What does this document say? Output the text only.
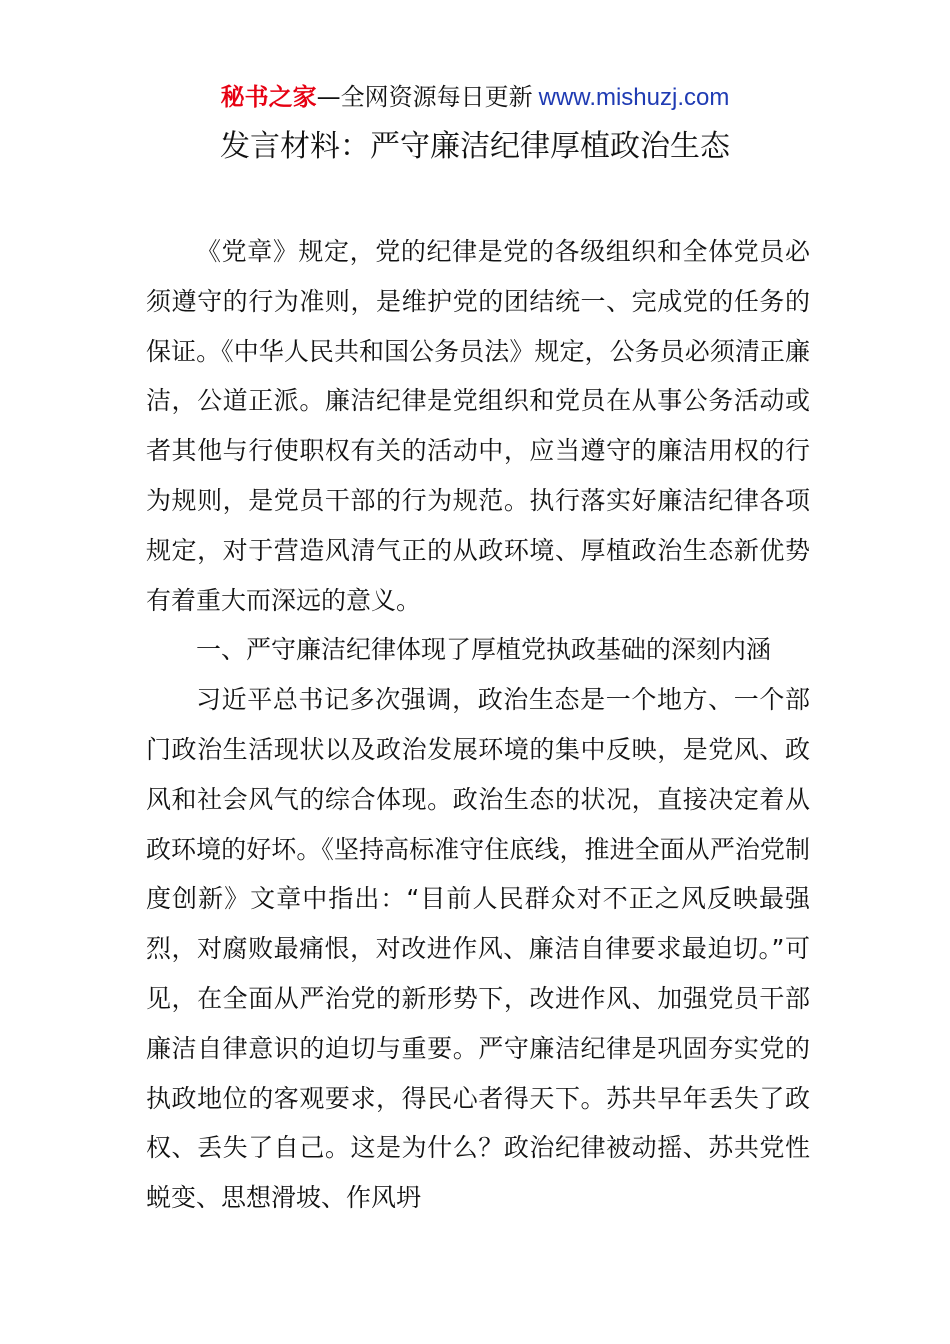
秘书之家—全网资源每日更新 www.mishuzj.com
发言材料：严守廉洁纪律厚植政治生态

《党章》规定，党的纪律是党的各级组织和全体党员必须遵守的行为准则，是维护党的团结统一、完成党的任务的保证。《中华人民共和国公务员法》规定，公务员必须清正廉洁，公道正派。廉洁纪律是党组织和党员在从事公务活动或者其他与行使职权有关的活动中，应当遵守的廉洁用权的行为规则，是党员干部的行为规范。执行落实好廉洁纪律各项规定，对于营造风清气正的从政环境、厚植政治生态新优势有着重大而深远的意义。

一、严守廉洁纪律体现了厚植党执政基础的深刻内涵

习近平总书记多次强调，政治生态是一个地方、一个部门政治生活现状以及政治发展环境的集中反映，是党风、政风和社会风气的综合体现。政治生态的状况，直接决定着从政环境的好坏。《坚持高标准守住底线，推进全面从严治党制度创新》文章中指出：“目前人民群众对不正之风反映最强烈，对腐败最痛恨，对改进作风、廉洁自律要求最迫切。”可见，在全面从严治党的新形势下，改进作风、加强党员干部廉洁自律意识的迫切与重要。严守廉洁纪律是巩固夯实党的执政地位的客观要求，得民心者得天下。苏共早年丢失了政权、丢失了自己。这是为什么？政治纪律被动摇、苏共党性蜕变、思想滑坡、作风坍
